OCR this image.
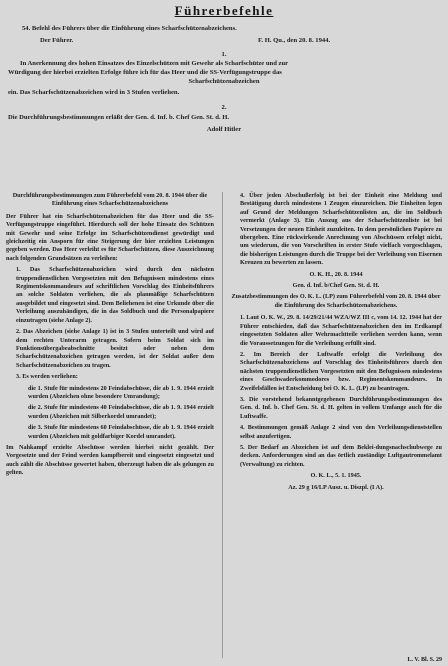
Führerbefehle
54. Befehl des Führers über die Einführung eines Scharfschützenabzeichens.
Der Führer.	F. H. Qu., den 20. 8. 1944.
1.
In Anerkennung des hohen Einsatzes des Einzelschützen mit Gewehr als Scharfschütze und zur
Würdigung der hierbei erzielten Erfolge führe ich für das Heer und die SS-Verfügungstruppe das
Scharfschützenabzeichen
ein. Das Scharfschützenabzeichen wird in 3 Stufen verliehen.
2.
Die Durchführungsbestimmungen erläßt der Gen. d. Inf. b. Chef Gen. St. d. H.
Adolf Hitler

Durchführungsbestimmungen zum Führerbefehl vom 20. 8. 1944 über die Einführung eines Scharfschützenabzeichens

Der Führer hat ein Scharfschützenabzeichen für das Heer und die SS-Verfügungstruppe eingeführt. Hierdurch soll der hohe Einsatz des Schützen mit Gewehr und seine Erfolge im Scharfschützendienst gewürdigt und gleichzeitig ein Ansporn für eine Steigerung der hier erzielten Leistungen gegeben werden. Das Heer verleiht es für Scharfschützen, diese Auszeichnung nach folgenden Grundsätzen zu verleihen:

1. Das Scharfschützenabzeichen wird durch den nächsten truppendienstlichen Vorgesetzten mit den Befugnissen mindestens eines Regimentskommandeurs auf schriftlichen Vorschlag des Einheitsführers an solche Soldaten verliehen, die als planmäßige Scharfschützen ausgebildet und eingesetzt sind. Dem Beliehenen ist eine Urkunde über die Verleihung auszuhändigen, die in das Soldbuch und die Personalpapiere einzutragen (siehe Anlage 2).

2. Das Abzeichen (siehe Anlage 1) ist in 3 Stufen unterteilt und wird auf dem rechten Unterarm getragen. Sofern beim Soldat sich im Funktionsübergabeabschnitte besitzt oder neben dem Scharfschützenabzeichen getragen werden, ist der Soldat außer dem Scharfschützenabzeichen zu tragen.

3. Es werden verliehen:

die 1. Stufe für mindestens 20 Feindabschüsse, die ab 1. 9. 1944 erzielt wurden (Abzeichen ohne besondere Umrandung);

die 2. Stufe für mindestens 40 Feindabschüsse, die ab 1. 9. 1944 erzielt wurden (Abzeichen mit Silberkordel umrandet);

die 3. Stufe für mindestens 60 Feindabschüsse, die ab 1. 9. 1944 erzielt wurden (Abzeichen mit goldfarbiger Kordel umrandet).

Im Nahkampf erzielte Abschüsse werden hierbei nicht gezählt. Der Vorgesetzte und der Feind werden kampfbereit und eingesetzt eingesetzt und auch zählt die Abschüsse gewertet haben, überzeugt haben die als gelungen zu gelten.

4. Über jeden Abschußerfolg ist bei der Einheit eine Meldung und Bestätigung durch mindestens 1 Zeugen einzureichen. Die Einheiten legen auf Grund der Meldungen Scharfschützenlisten an, die im Soldbuch vermerkt (Anlage 3). Ein Auszug aus der Scharfschützenliste ist bei Versetzungen der neuen Einheit zuzuleiten. In dem persönlichen Papiere zu übergeben. Eine rückwirkende Anrechnung von Abschüssen erfolgt nicht, um wiederum, die von Vorschriften in erster Stufe vielfach vorgeschlagen, die bisherigen Leistungen durch die Truppe bei der Verleihung von Eisernen Kreuzen zu bewerten zu lassen.

O. K. H., 20. 8. 1944

Gen. d. Inf. b/Chef Gen. St. d. H.

Zusatzbestimmungen des O. K. L. (LP) zum Führerbefehl vom 20. 8. 1944 über die Einführung des Scharfschützenabzeichens.

1. Laut O. K. W., 29. 8. 14/29/21/44 WZA/WZ III c, vom 14. 12. 1944 hat der Führer entschieden, daß das Scharfschützenabzeichen den im Erdkampf eingesetzten Soldaten aller Wehrmachtteile verliehen werden kann, wenn die Voraussetzungen für die Verleihung erfüllt sind.

2. Im Bereich der Luftwaffe erfolgt die Verleihung des Scharfschützenabzeichens auf Vorschlag des Einheitsführers durch den nächsten truppendienstlichen Vorgesetzten mit den Befugnissen mindestens eines Geschwaderkommodores bzw. Regimentskommandeurs. In Zweifelsfällen ist Entscheidung bei O. K. L. (LP) zu beantragen.

3. Die vorstehend bekanntgegebenen Durchführungsbestimmungen des Gen. d. Inf. b. Chef Gen. St. d. H. gelten in vollem Umfange auch für die Luftwaffe.

4. Bestimmungen gemäß Anlage 2 sind von den Verleihungsdienststellen selbst anzufertigen.

5. Der Bedarf an Abzeichen ist auf dem Beklei-dungsnachschubwege zu decken. Anforderungen sind an das örtlich zuständige Luftgautrommelamt (Verwaltung) zu richten.

O. K. L., 5. 1. 1945.

Az. 29 g 16/LP Ausz. u. Diszpl. (I A).

L. V. Bl. S. 29
